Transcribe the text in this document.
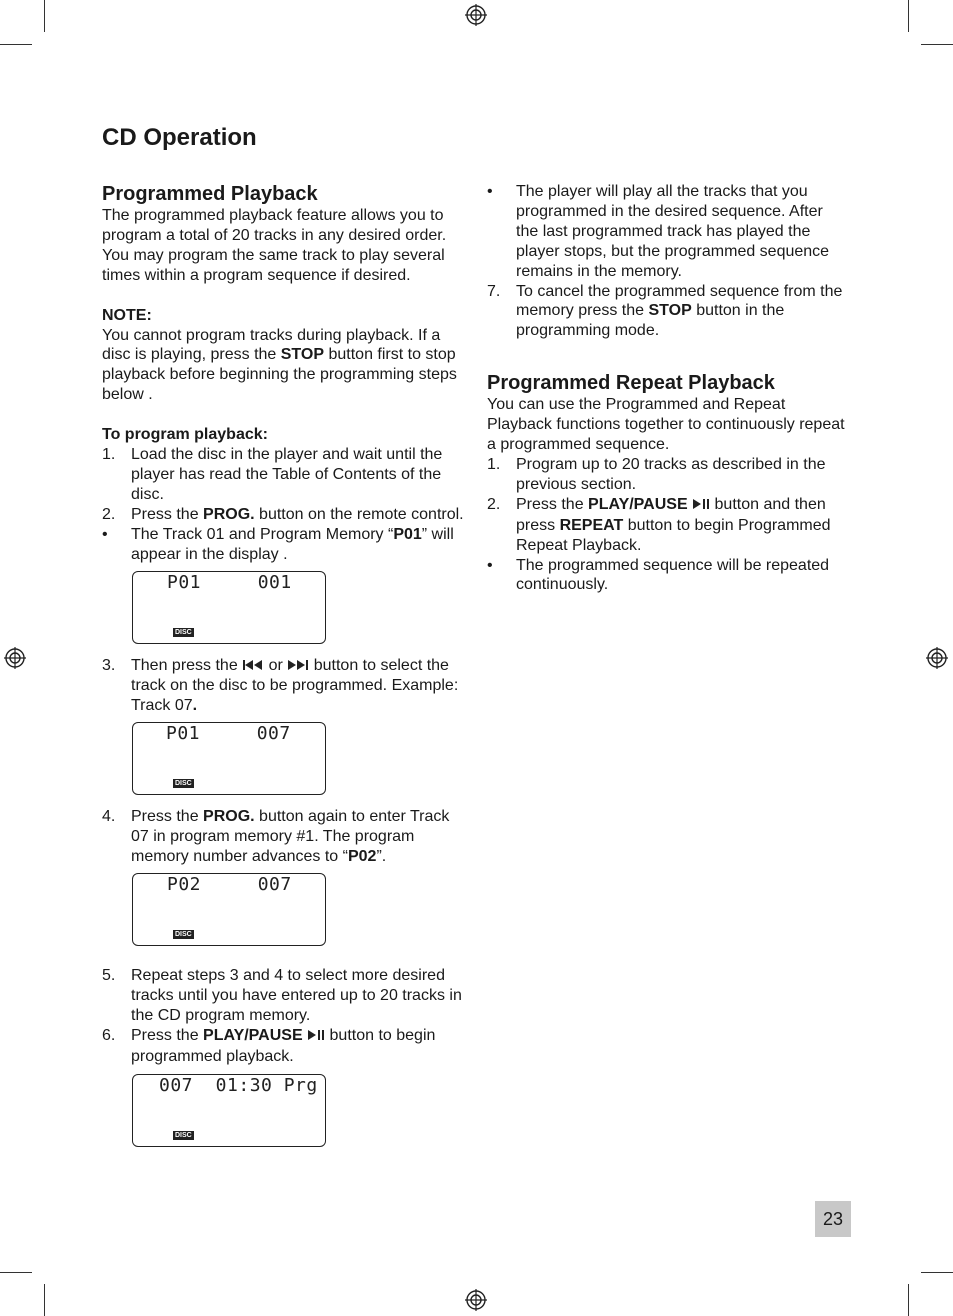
CD Operation
Programmed Playback

The programmed playback feature allows you to program a total of 20 tracks in any desired order. You may program the same track to play several times within a program sequence if desired.

NOTE:

You cannot program tracks during playback. If a disc is playing, press the STOP button first to stop playback before beginning the programming steps below .

To program playback:

1. Load the disc in the player and wait until the player has read the Table of Contents of the disc.
2. Press the PROG. button on the remote control.
• The Track 01 and Program Memory “P01” will appear in the display .
P01     001
DISC
3. Then press the  or  button to select the track on the disc to be programmed. Example: Track 07.
P01     007
DISC
4. Press the PROG. button again to enter Track 07 in program memory #1. The program memory number advances to “P02”.
P02     007
DISC
5. Repeat steps 3 and 4 to select more desired tracks until you have entered up to 20 tracks in the CD program memory.
6. Press the PLAY/PAUSE  button to begin programmed playback.
007  01:30 Prg
DISC
• The player will play all the tracks that you programmed in the desired sequence. After the last programmed track has played the player stops, but the programmed sequence remains in the memory.
7. To cancel the programmed sequence from the memory press the STOP button in the programming mode.
Programmed Repeat Playback

You can use the Programmed and Repeat Playback functions together to continuously repeat a programmed sequence.

1. Program up to 20 tracks as described in the previous section.
2. Press the PLAY/PAUSE  button and then press REPEAT button to begin Programmed Repeat Playback.
• The programmed sequence will be repeated continuously.
23
